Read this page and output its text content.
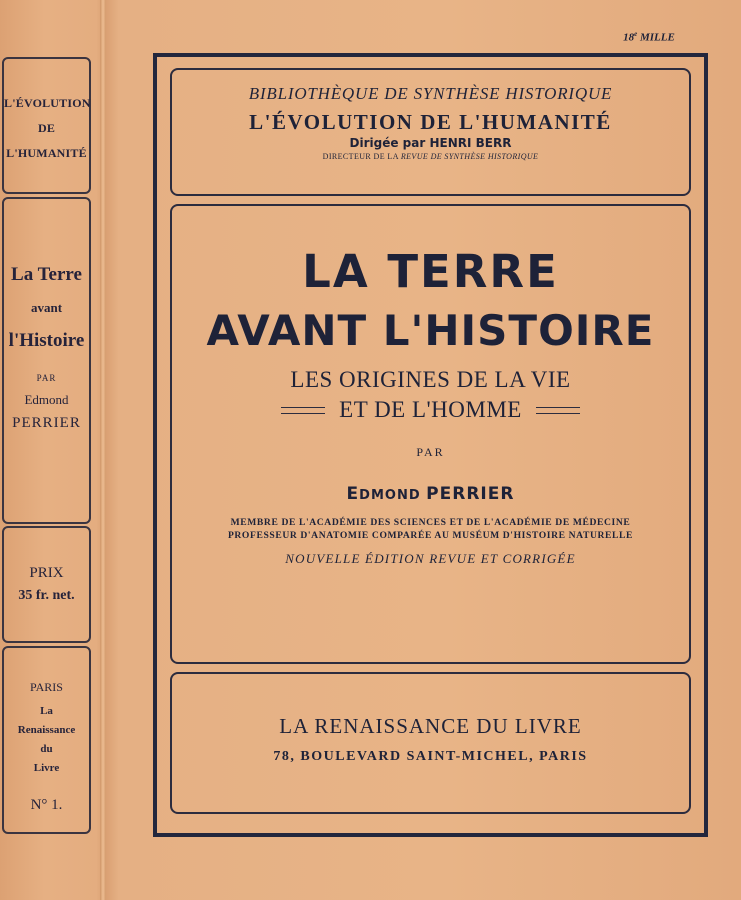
L'ÉVOLUTION
DE
L'HUMANITÉ
La Terre
avant
l'Histoire
PAR
Edmond
PERRIER
PRIX
35 fr. net.
PARIS
La
Renaissance
du
Livre
N° 1.
18e MILLE
BIBLIOTHÈQUE DE SYNTHÈSE HISTORIQUE
L'ÉVOLUTION DE L'HUMANITÉ
Dirigée par HENRI BERR
DIRECTEUR DE LA REVUE DE SYNTHÈSE HISTORIQUE
LA TERRE
AVANT L'HISTOIRE
LES ORIGINES DE LA VIE
ET DE L'HOMME
PAR
EDMOND PERRIER
MEMBRE DE L'ACADÉMIE DES SCIENCES ET DE L'ACADÉMIE DE MÉDECINE
PROFESSEUR D'ANATOMIE COMPARÉE AU MUSÉUM D'HISTOIRE NATURELLE
NOUVELLE ÉDITION REVUE ET CORRIGÉE
LA RENAISSANCE DU LIVRE
78, BOULEVARD SAINT-MICHEL, PARIS
